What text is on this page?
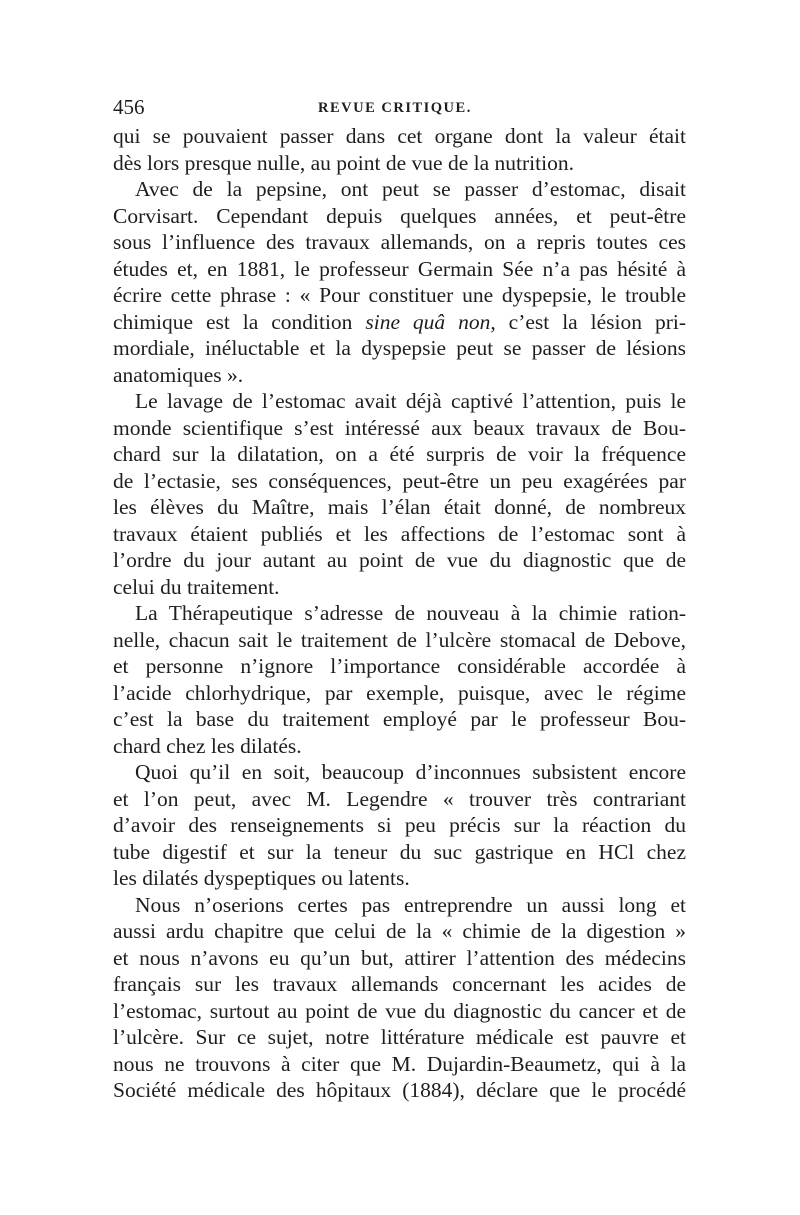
456	REVUE CRITIQUE.
qui se pouvaient passer dans cet organe dont la valeur était
dès lors presque nulle, au point de vue de la nutrition.
Avec de la pepsine, ont peut se passer d’estomac, disait
Corvisart. Cependant depuis quelques années, et peut-être
sous l’influence des travaux allemands, on a repris toutes ces
études et, en 1881, le professeur Germain Sée n’a pas hésité à
écrire cette phrase : « Pour constituer une dyspepsie, le trouble
chimique est la condition sine quâ non, c’est la lésion pri-
mordiale, inéluctable et la dyspepsie peut se passer de lésions
anatomiques ».
Le lavage de l’estomac avait déjà captivé l’attention, puis le
monde scientifique s’est intéressé aux beaux travaux de Bou-
chard sur la dilatation, on a été surpris de voir la fréquence
de l’ectasie, ses conséquences, peut-être un peu exagérées par
les élèves du Maître, mais l’élan était donné, de nombreux
travaux étaient publiés et les affections de l’estomac sont à
l’ordre du jour autant au point de vue du diagnostic que de
celui du traitement.
La Thérapeutique s’adresse de nouveau à la chimie ration-
nelle, chacun sait le traitement de l’ulcère stomacal de Debove,
et personne n’ignore l’importance considérable accordée à
l’acide chlorhydrique, par exemple, puisque, avec le régime
c’est la base du traitement employé par le professeur Bou-
chard chez les dilatés.
Quoi qu’il en soit, beaucoup d’inconnues subsistent encore
et l’on peut, avec M. Legendre « trouver très contrariant
d’avoir des renseignements si peu précis sur la réaction du
tube digestif et sur la teneur du suc gastrique en HCl chez
les dilatés dyspeptiques ou latents.
Nous n’oserions certes pas entreprendre un aussi long et
aussi ardu chapitre que celui de la « chimie de la digestion »
et nous n’avons eu qu’un but, attirer l’attention des médecins
français sur les travaux allemands concernant les acides de
l’estomac, surtout au point de vue du diagnostic du cancer et de
l’ulcère. Sur ce sujet, notre littérature médicale est pauvre et
nous ne trouvons à citer que M. Dujardin-Beaumetz, qui à la
Société médicale des hôpitaux (1884), déclare que le procédé
